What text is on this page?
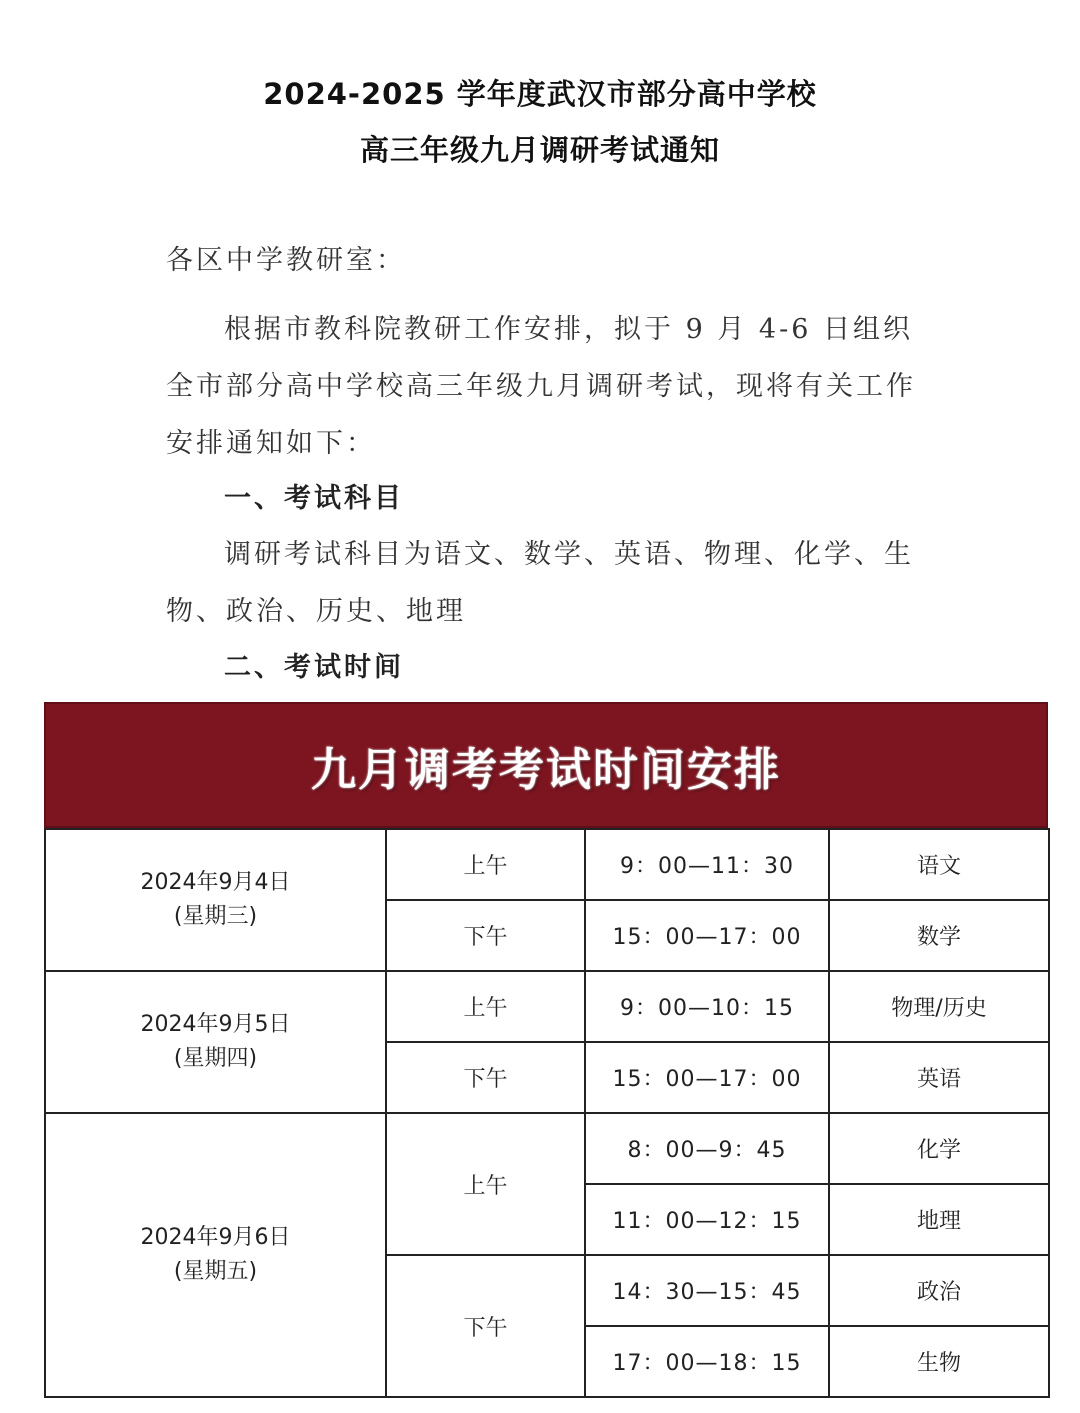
2024-2025 学年度武汉市部分高中学校
高三年级九月调研考试通知

各区中学教研室：

根据市教科院教研工作安排，拟于 9 月 4-6 日组织全市部分高中学校高三年级九月调研考试，现将有关工作安排通知如下：

一、考试科目

调研考试科目为语文、数学、英语、物理、化学、生物、政治、历史、地理

二、考试时间

九月调考考试时间安排
2024年9月4日
(星期三)	上午	9：00—11：30	语文
	下午	15：00—17：00	数学

2024年9月5日
(星期四)	上午	9：00—10：15	物理/历史
	下午	15：00—17：00	英语

2024年9月6日
(星期五)	上午	8：00—9：45	化学
		11：00—12：15	地理
	下午	14：30—15：45	政治
		17：00—18：15	生物
